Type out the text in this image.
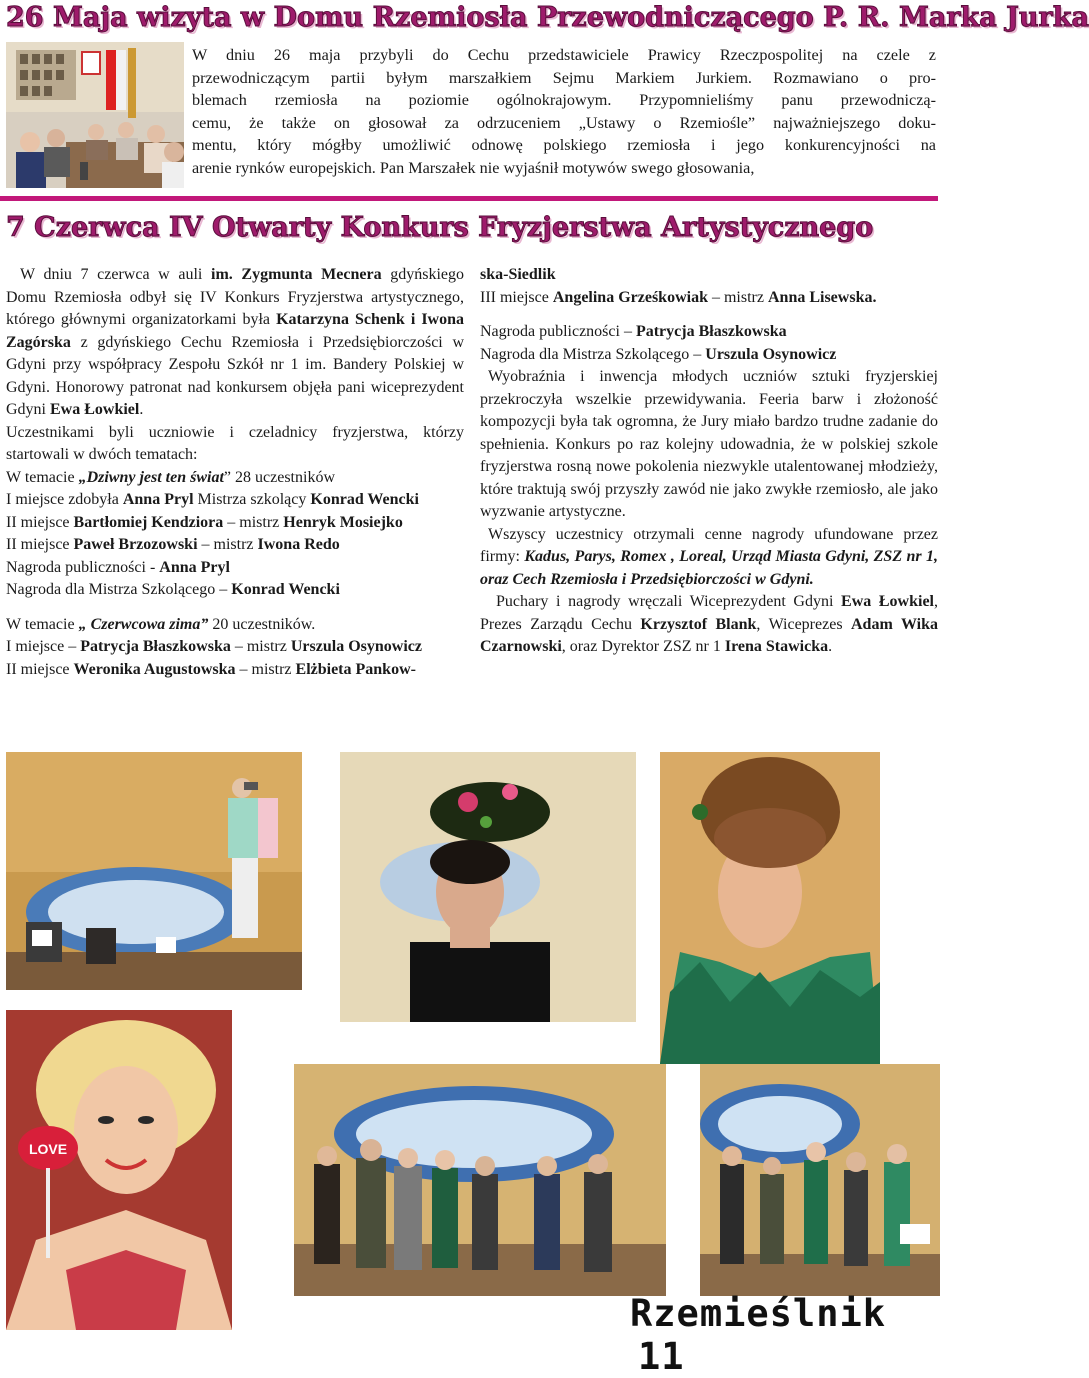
26 Maja wizyta w Domu Rzemiosła Przewodniczącego P. R. Marka Jurka
W dniu 26 maja przybyli do Cechu przedstawiciele Prawicy Rzeczpospolitej na czele z
przewodniczącym partii byłym marszałkiem Sejmu Markiem Jurkiem. Rozmawiano o pro-
blemach rzemiosła na poziomie ogólnokrajowym. Przypomnieliśmy panu przewodniczą-
cemu, że także on głosował za odrzuceniem „Ustawy o Rzemiośle” najważniejszego doku-
mentu, który mógłby umożliwić odnowę polskiego rzemiosła i jego konkurencyjności na
arenie rynków europejskich. Pan Marszałek nie wyjaśnił motywów swego głosowania,
7 Czerwca IV Otwarty Konkurs Fryzjerstwa Artystycznego

W dniu 7 czerwca w auli im. Zygmunta Mecnera gdyńskiego Domu Rzemiosła odbył się IV Konkurs Fryzjerstwa artystycznego, którego głównymi organizatorkami była Katarzyna Schenk i Iwona Zagórska z gdyńskiego Cechu Rzemiosła i Przedsiębiorczości w Gdyni przy współpracy Zespołu Szkół nr 1 im. Bandery Polskiej w Gdyni. Honorowy patronat nad konkursem objęła pani wiceprezydent Gdyni Ewa Łowkiel.

Uczestnikami byli uczniowie i czeladnicy fryzjerstwa, którzy startowali w dwóch tematach:

W temacie „Dziwny jest ten świat” 28 uczestników

I miejsce zdobyła Anna Pryl Mistrza szkolący Konrad Wencki

II miejsce Bartłomiej Kendziora – mistrz Henryk Mosiejko

II miejsce Paweł Brzozowski – mistrz Iwona Redo

Nagroda publiczności - Anna Pryl

Nagroda dla Mistrza Szkolącego – Konrad Wencki

W temacie „ Czerwcowa zima” 20 uczestników.

I miejsce – Patrycja Błaszkowska – mistrz Urszula Osynowicz

II miejsce Weronika Augustowska – mistrz Elżbieta Pankow-

ska-Siedlik

III miejsce Angelina Grześkowiak – mistrz Anna Lisewska.

Nagroda publiczności – Patrycja Błaszkowska

Nagroda dla Mistrza Szkolącego – Urszula Osynowicz

Wyobraźnia i inwencja młodych uczniów sztuki fryzjerskiej przekroczyła wszelkie przewidywania. Feeria barw i złożoność kompozycji była tak ogromna, że Jury miało bardzo trudne zadanie do spełnienia. Konkurs po raz kolejny udowadnia, że w polskiej szkole fryzjerstwa rosną nowe pokolenia niezwykle utalentowanej młodzieży, które traktują swój przyszły zawód nie jako zwykłe rzemiosło, ale jako wyzwanie artystyczne.

Wszyscy uczestnicy otrzymali cenne nagrody ufundowane przez firmy: Kadus, Parys, Romex , Loreal, Urząd Miasta Gdyni, ZSZ nr 1, oraz Cech Rzemiosła i Przedsiębiorczości w Gdyni.

Puchary i nagrody wręczali Wiceprezydent Gdyni Ewa Łowkiel, Prezes Zarządu Cechu Krzysztof Blank, Wiceprezes Adam Wika Czarnowski, oraz Dyrektor ZSZ nr 1 Irena Stawicka.

LOVE
Rzemieślnik 11
